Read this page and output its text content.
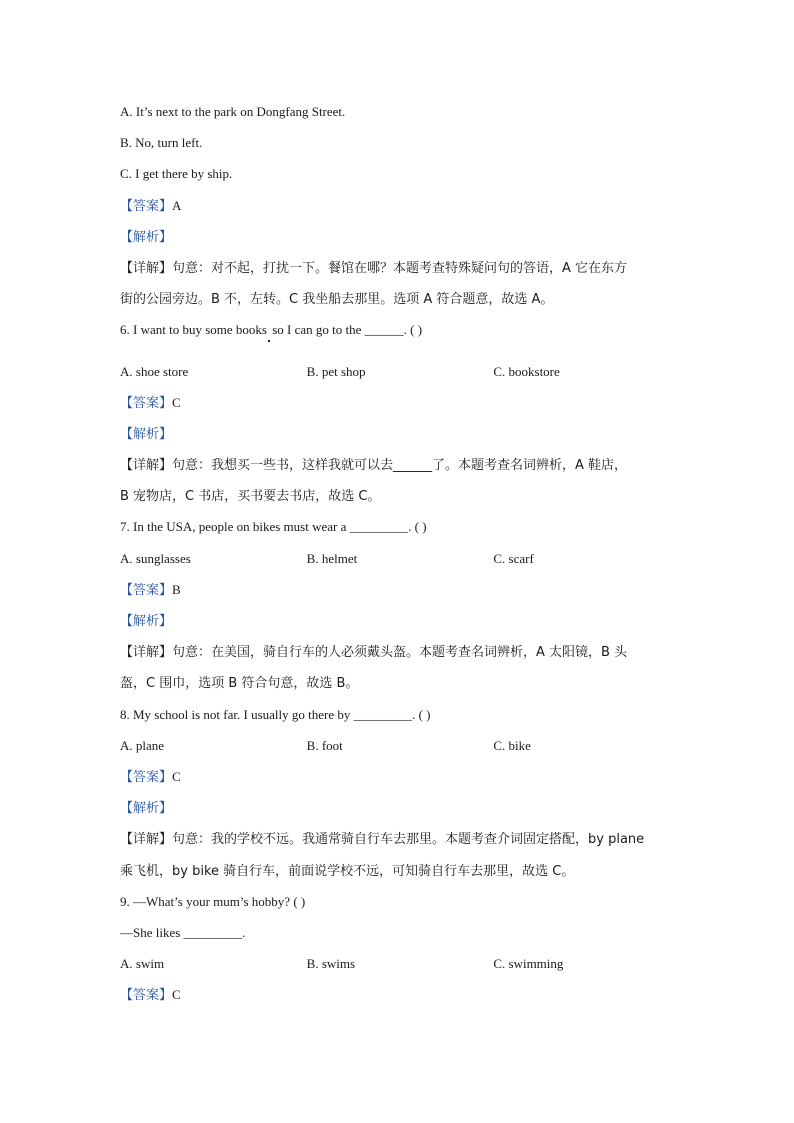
A. It’s next to the park on Dongfang Street.
B. No, turn left.
C. I get there by ship.
【答案】A
【解析】
【详解】句意：对不起，打扰一下。餐馆在哪？本题考查特殊疑问句的答语，A 它在东方
街的公园旁边。B 不，左转。C 我坐船去那里。选项 A 符合题意，故选 A。
6. I want to buy some books so I can go to the ______. ( )
A. shoe store	B. pet shop	C. bookstore
【答案】C
【解析】
【详解】句意：我想买一些书，这样我就可以去______了。本题考查名词辨析，A 鞋店，
B 宠物店，C 书店，买书要去书店，故选 C。
7. In the USA, people on bikes must wear a _________. ( )
A. sunglasses	B. helmet	C. scarf
【答案】B
【解析】
【详解】句意：在美国，骑自行车的人必须戴头盔。本题考查名词辨析，A 太阳镜，B 头
盔，C 围巾，选项 B 符合句意，故选 B。
8. My school is not far. I usually go there by _________. ( )
A. plane	B. foot	C. bike
【答案】C
【解析】
【详解】句意：我的学校不远。我通常骑自行车去那里。本题考查介词固定搭配，by plane
乘飞机，by bike 骑自行车，前面说学校不远，可知骑自行车去那里，故选 C。
9. —What’s your mum’s hobby? ( )
—She likes _________.
A. swim	B. swims	C. swimming
【答案】C
